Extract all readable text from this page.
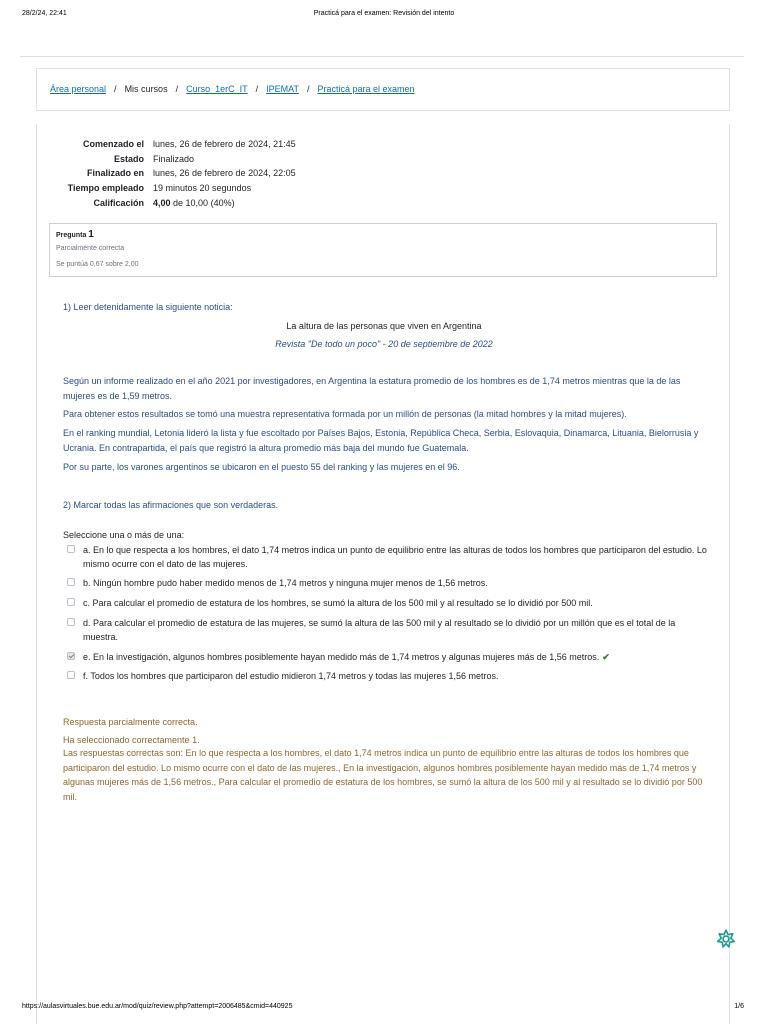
28/2/24, 22:41	Practicá para el examen: Revisión del intento
Área personal / Mis cursos / Curso_1erC_IT / IPEMAT / Practicá para el examen
Comenzado el lunes, 26 de febrero de 2024, 21:45
Estado Finalizado
Finalizado en lunes, 26 de febrero de 2024, 22:05
Tiempo empleado 19 minutos 20 segundos
Calificación 4,00 de 10,00 (40%)
Pregunta 1
Parcialmente correcta
Se puntúa 0,67 sobre 2,00
1) Leer detenidamente la siguiente noticia:
La altura de las personas que viven en Argentina
Revista "De todo un poco" - 20 de septiembre de 2022
Según un informe realizado en el año 2021 por investigadores, en Argentina la estatura promedio de los hombres es de 1,74 metros mientras que la de las mujeres es de 1,59 metros.
Para obtener estos resultados se tomó una muestra representativa formada por un millón de personas (la mitad hombres y la mitad mujeres).
En el ranking mundial, Letonia lideró la lista y fue escoltado por Países Bajos, Estonia, República Checa, Serbia, Eslovaquia, Dinamarca, Lituania, Bielorrusia y Ucrania. En contrapartida, el país que registró la altura promedio más baja del mundo fue Guatemala.
Por su parte, los varones argentinos se ubicaron en el puesto 55 del ranking y las mujeres en el 96.
2) Marcar todas las afirmaciones que son verdaderas.
Seleccione una o más de una:
a. En lo que respecta a los hombres, el dato 1,74 metros indica un punto de equilibrio entre las alturas de todos los hombres que participaron del estudio. Lo mismo ocurre con el dato de las mujeres.
b. Ningún hombre pudo haber medido menos de 1,74 metros y ninguna mujer menos de 1,56 metros.
c. Para calcular el promedio de estatura de los hombres, se sumó la altura de los 500 mil y al resultado se lo dividió por 500 mil.
d. Para calcular el promedio de estatura de las mujeres, se sumó la altura de las 500 mil y al resultado se lo dividió por un millón que es el total de la muestra.
e. En la investigación, algunos hombres posiblemente hayan medido más de 1,74 metros y algunas mujeres más de 1,56 metros. ✔
f. Todos los hombres que participaron del estudio midieron 1,74 metros y todas las mujeres 1,56 metros.
Respuesta parcialmente correcta.
Ha seleccionado correctamente 1.
Las respuestas correctas son: En lo que respecta a los hombres, el dato 1,74 metros indica un punto de equilibrio entre las alturas de todos los hombres que participaron del estudio. Lo mismo ocurre con el dato de las mujeres., En la investigación, algunos hombres posiblemente hayan medido más de 1,74 metros y algunas mujeres más de 1,56 metros., Para calcular el promedio de estatura de los hombres, se sumó la altura de los 500 mil y al resultado se lo dividió por 500 mil.
https://aulasvirtuales.bue.edu.ar/mod/quiz/review.php?attempt=2006485&cmid=440925	1/6
